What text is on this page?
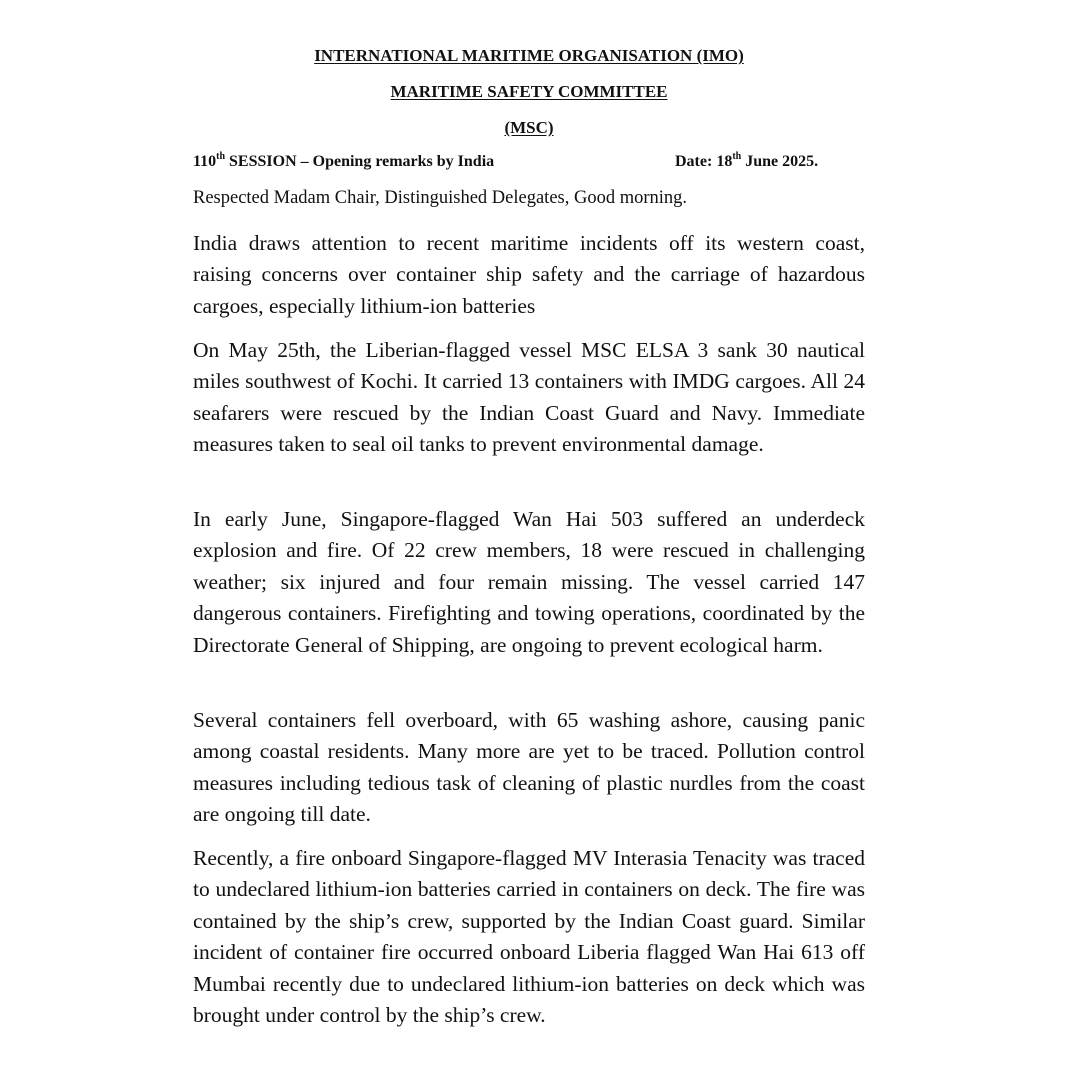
INTERNATIONAL MARITIME ORGANISATION (IMO)
MARITIME SAFETY COMMITTEE
(MSC)
110th SESSION – Opening remarks by India	Date: 18th June 2025.
Respected Madam Chair, Distinguished Delegates, Good morning.

India draws attention to recent maritime incidents off its western coast, raising concerns over container ship safety and the carriage of hazardous cargoes, especially lithium-ion batteries

On May 25th, the Liberian-flagged vessel MSC ELSA 3 sank 30 nautical miles southwest of Kochi. It carried 13 containers with IMDG cargoes. All 24 seafarers were rescued by the Indian Coast Guard and Navy. Immediate measures taken to seal oil tanks to prevent environmental damage.

In early June, Singapore-flagged Wan Hai 503 suffered an underdeck explosion and fire. Of 22 crew members, 18 were rescued in challenging weather; six injured and four remain missing. The vessel carried 147 dangerous containers. Firefighting and towing operations, coordinated by the Directorate General of Shipping, are ongoing to prevent ecological harm.

Several containers fell overboard, with 65 washing ashore, causing panic among coastal residents. Many more are yet to be traced. Pollution control measures including tedious task of cleaning of plastic nurdles from the coast are ongoing till date.

Recently, a fire onboard Singapore-flagged MV Interasia Tenacity was traced to undeclared lithium-ion batteries carried in containers on deck. The fire was contained by the ship’s crew, supported by the Indian Coast guard. Similar incident of container fire occurred onboard Liberia flagged Wan Hai 613 off Mumbai recently due to undeclared lithium-ion batteries on deck which was brought under control by the ship’s crew.
